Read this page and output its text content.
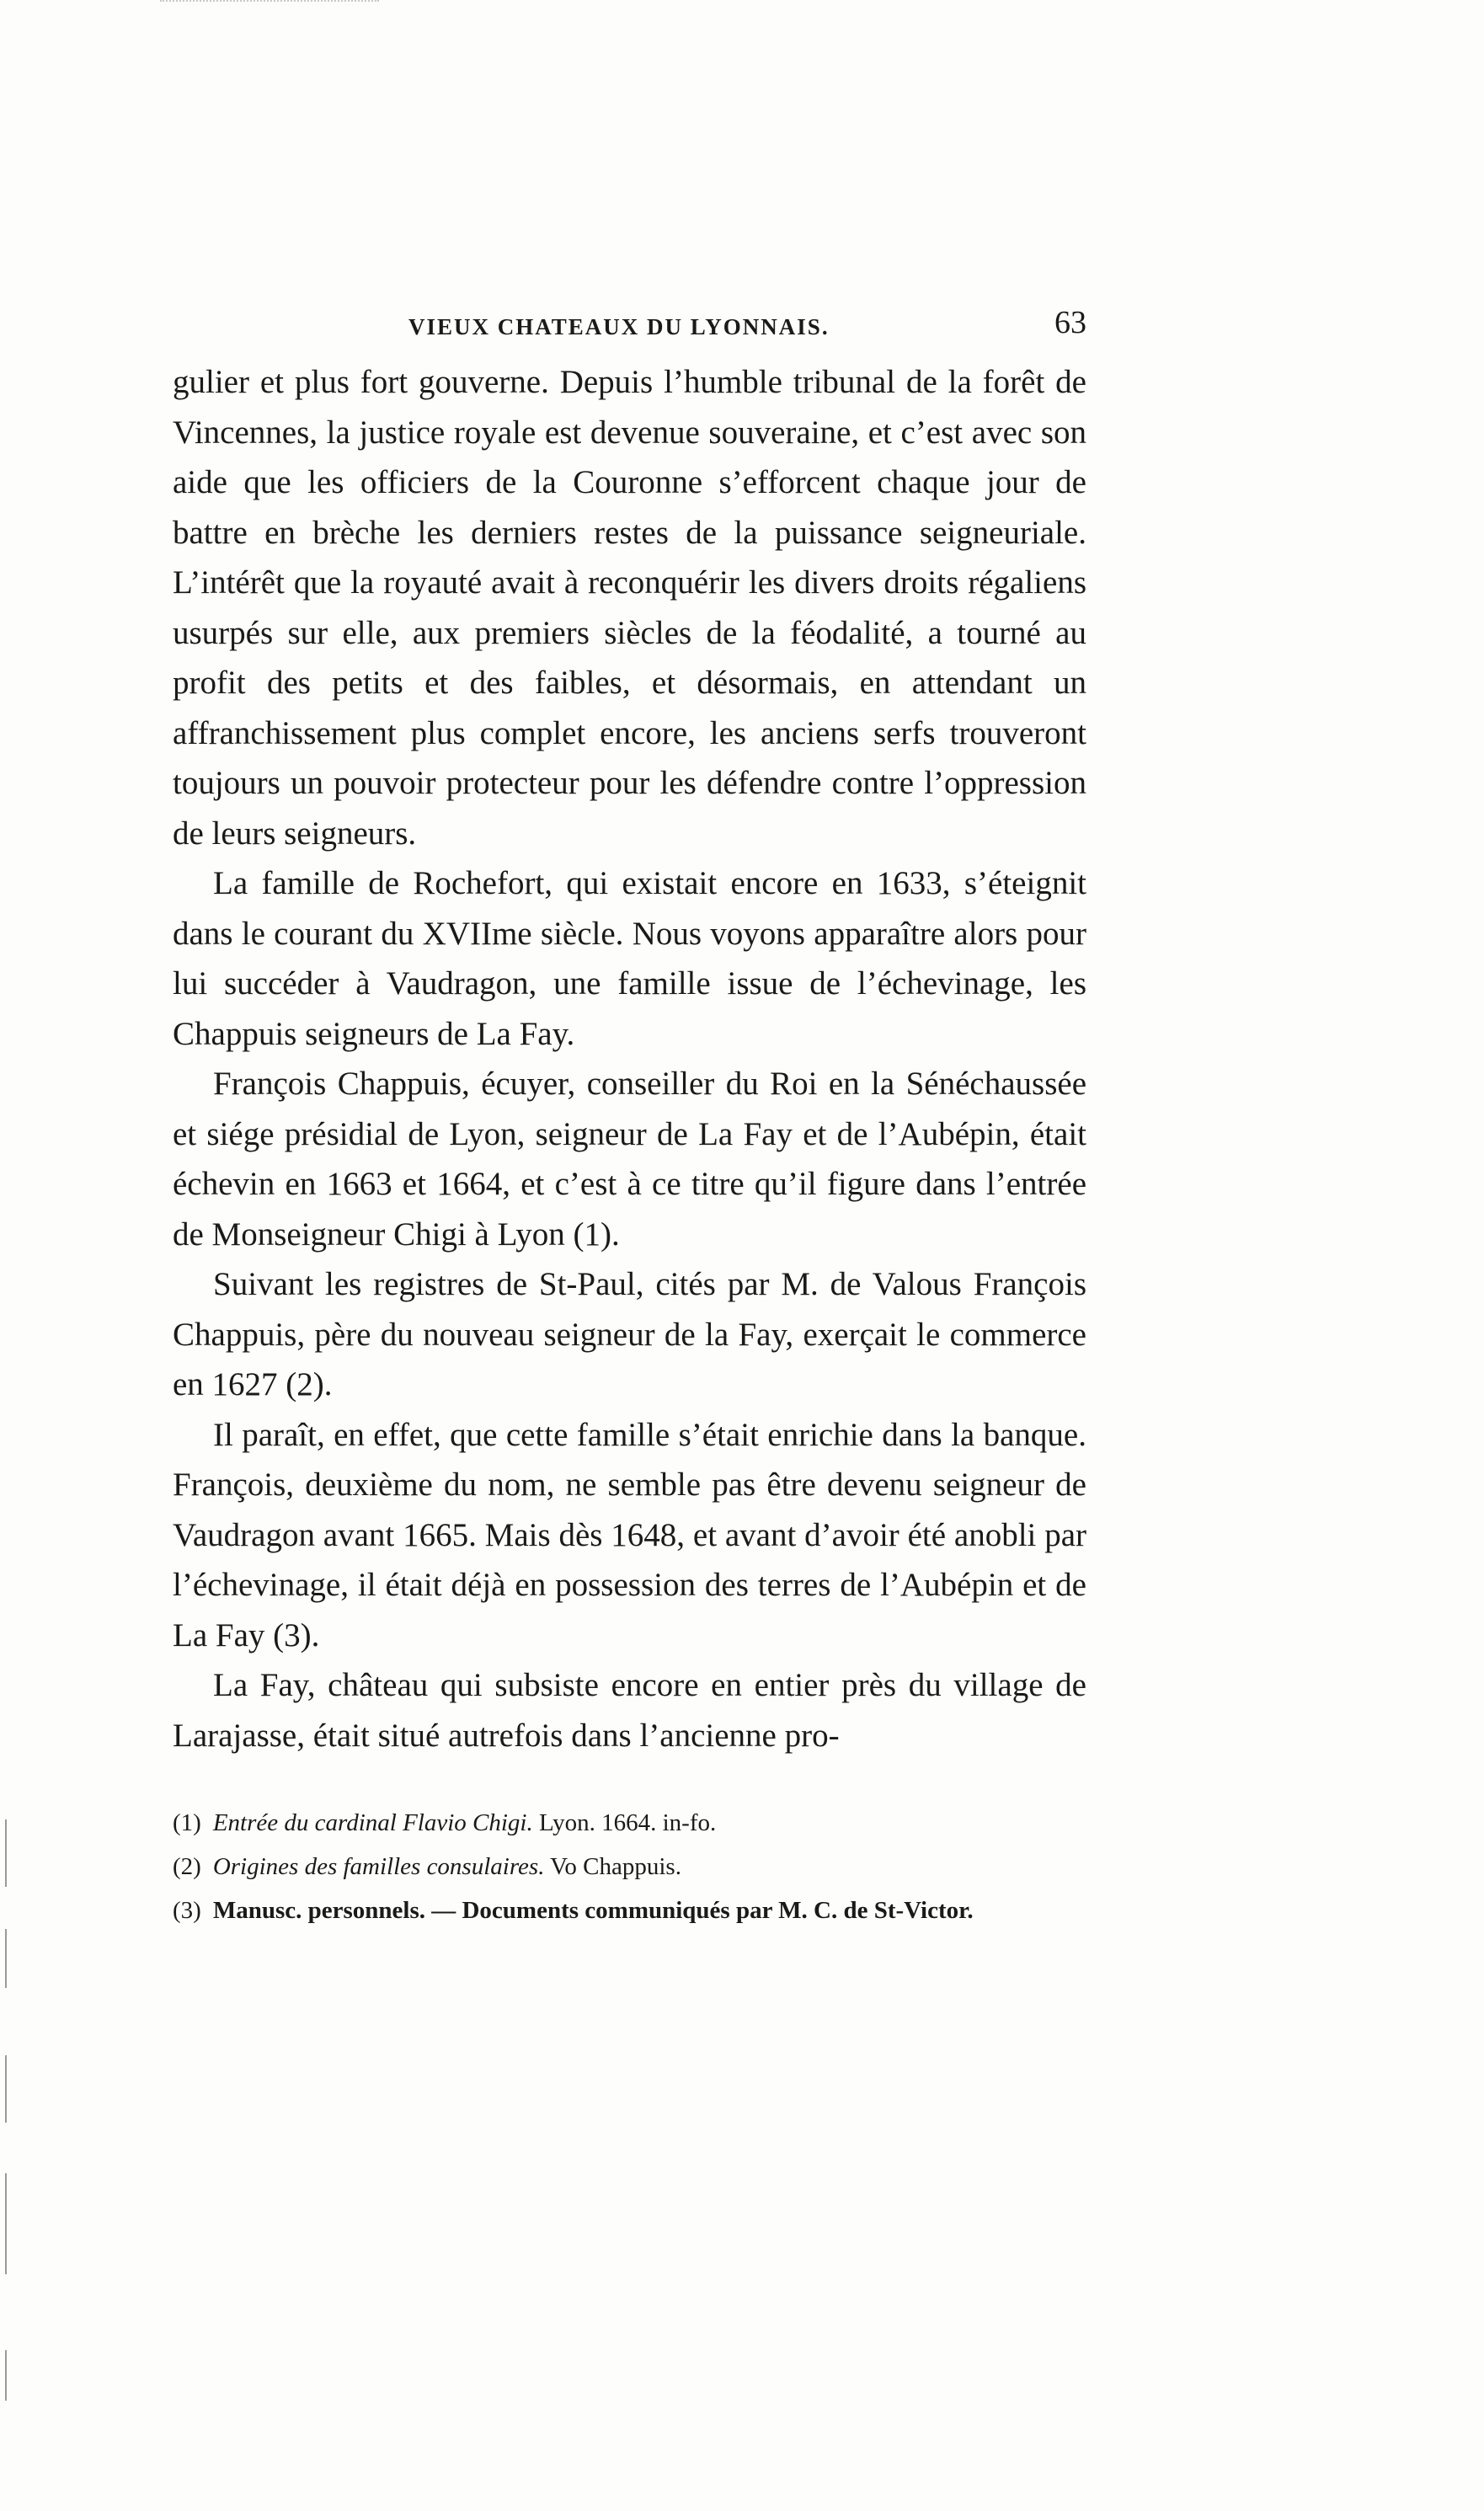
VIEUX CHATEAUX DU LYONNAIS.	63

gulier et plus fort gouverne. Depuis l’humble tribunal de la forêt de Vincennes, la justice royale est devenue souveraine, et c’est avec son aide que les officiers de la Couronne s’efforcent chaque jour de battre en brèche les derniers restes de la puissance seigneuriale. L’intérêt que la royauté avait à reconquérir les divers droits régaliens usurpés sur elle, aux premiers siècles de la féodalité, a tourné au profit des petits et des faibles, et désormais, en attendant un affranchissement plus complet encore, les anciens serfs trouveront toujours un pouvoir protecteur pour les défendre contre l’oppression de leurs seigneurs.

La famille de Rochefort, qui existait encore en 1633, s’éteignit dans le courant du XVIIme siècle. Nous voyons apparaître alors pour lui succéder à Vaudragon, une famille issue de l’échevinage, les Chappuis seigneurs de La Fay.

François Chappuis, écuyer, conseiller du Roi en la Sénéchaussée et siége présidial de Lyon, seigneur de La Fay et de l’Aubépin, était échevin en 1663 et 1664, et c’est à ce titre qu’il figure dans l’entrée de Monseigneur Chigi à Lyon (1).

Suivant les registres de St-Paul, cités par M. de Valous François Chappuis, père du nouveau seigneur de la Fay, exerçait le commerce en 1627 (2).

Il paraît, en effet, que cette famille s’était enrichie dans la banque. François, deuxième du nom, ne semble pas être devenu seigneur de Vaudragon avant 1665. Mais dès 1648, et avant d’avoir été anobli par l’échevinage, il était déjà en possession des terres de l’Aubépin et de La Fay (3).

La Fay, château qui subsiste encore en entier près du village de Larajasse, était situé autrefois dans l’ancienne pro-

(1) Entrée du cardinal Flavio Chigi. Lyon. 1664. in-fo.

(2) Origines des familles consulaires. Vo Chappuis.

(3) Manusc. personnels. — Documents communiqués par M. C. de St-Victor.
